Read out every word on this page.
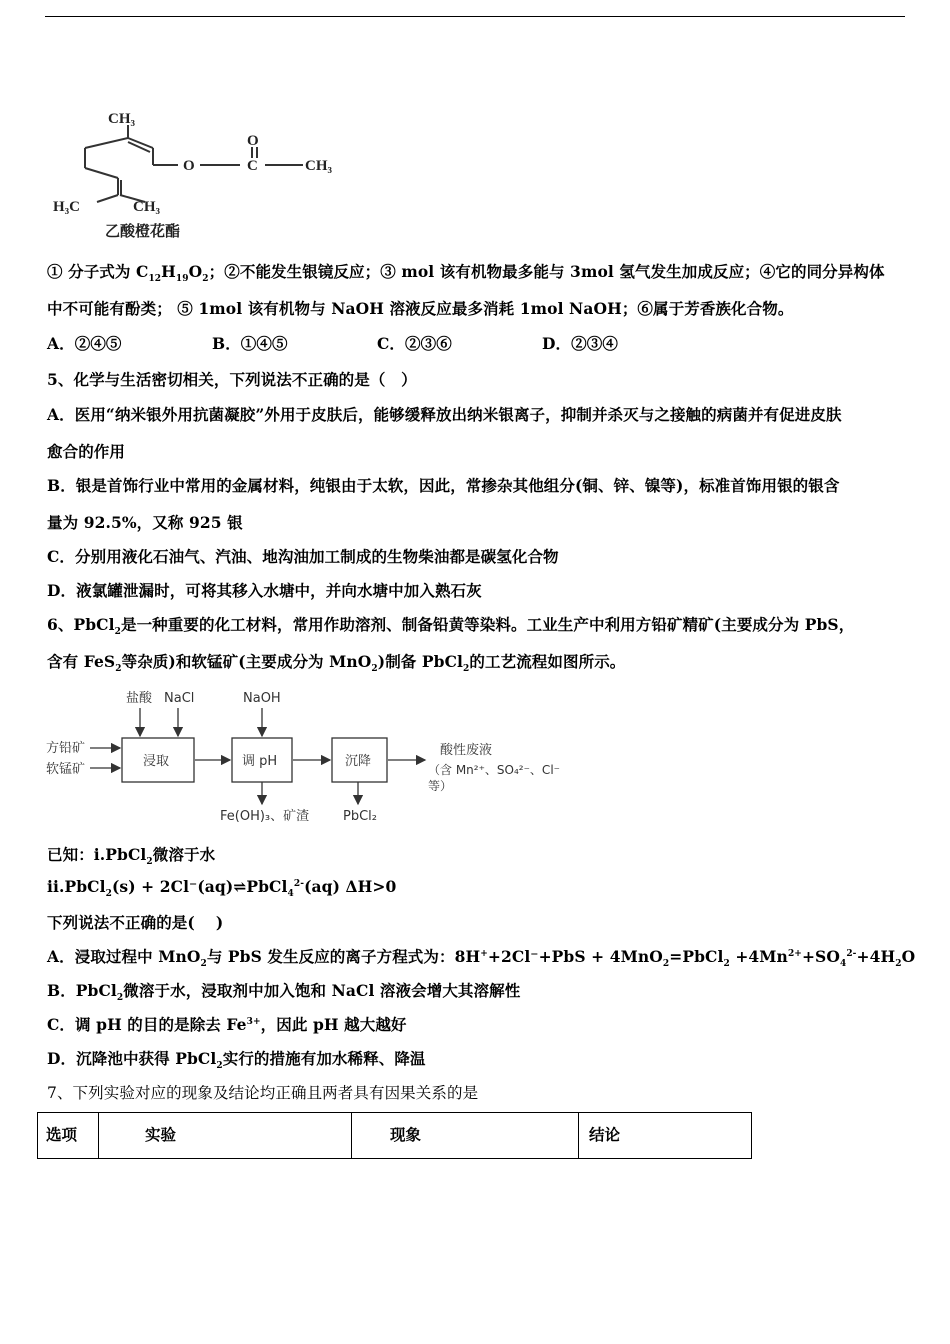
CH₃
O
O
C	CH₃
H₃C	CH₃
乙酸橙花酯
① 分子式为 $C_{12}H_{19}O_2$；②不能发生银镜反应；③ mol 该有机物最多能与 3mol 氢气发生加成反应；④它的同分异构体
中不可能有酚类； ⑤ 1mol 该有机物与 NaOH 溶液反应最多消耗 1mol NaOH；⑥属于芳香族化合物。
A．②④⑤	B．①④⑤	C．②③⑥	D．②③④
5、化学与生活密切相关，下列说法不正确的是（　）
A．医用“纳米银外用抗菌凝胶”外用于皮肤后，能够缓释放出纳米银离子，抑制并杀灭与之接触的病菌并有促进皮肤
愈合的作用
B．银是首饰行业中常用的金属材料，纯银由于太软，因此，常掺杂其他组分(铜、锌、镍等)，标准首饰用银的银含
量为 92.5%，又称 925 银
C．分别用液化石油气、汽油、地沟油加工制成的生物柴油都是碳氢化合物
D．液氯罐泄漏时，可将其移入水塘中，并向水塘中加入熟石灰
6、PbCl$_2$是一种重要的化工材料，常用作助溶剂、制备铅黄等染料。工业生产中利用方铅矿精矿(主要成分为 PbS，
含有 FeS$_2$等杂质)和软锰矿(主要成分为 MnO$_2$)制备 PbCl$_2$的工艺流程如图所示。
方铅矿
软锰矿
盐酸 NaCl	NaOH
浸取	调 pH	沉降
酸性废液
（含 Mn²⁺、SO₄²⁻、Cl⁻
等）
Fe(OH)₃、矿渣	PbCl₂
已知：i.PbCl$_2$微溶于水
ii.PbCl$_2$(s) + 2Cl⁻(aq)⇌PbCl$_4^{2-}$(aq) ΔH>0
下列说法不正确的是(　 )
A．浸取过程中 MnO$_2$与 PbS 发生反应的离子方程式为：8H++2Cl⁻+PbS + 4MnO$_2$=PbCl$_2$ $+4Mn^{2+}+SO_4^{2-}+4H_2O$
B．PbCl$_2$微溶于水，浸取剂中加入饱和 NaCl 溶液会增大其溶解性
C．调 pH 的目的是除去 $Fe^{3+}$，因此 pH 越大越好
D．沉降池中获得 PbCl$_2$实行的措施有加水稀释、降温
7、下列实验对应的现象及结论均正确且两者具有因果关系的是
选项	实验	现象	结论
